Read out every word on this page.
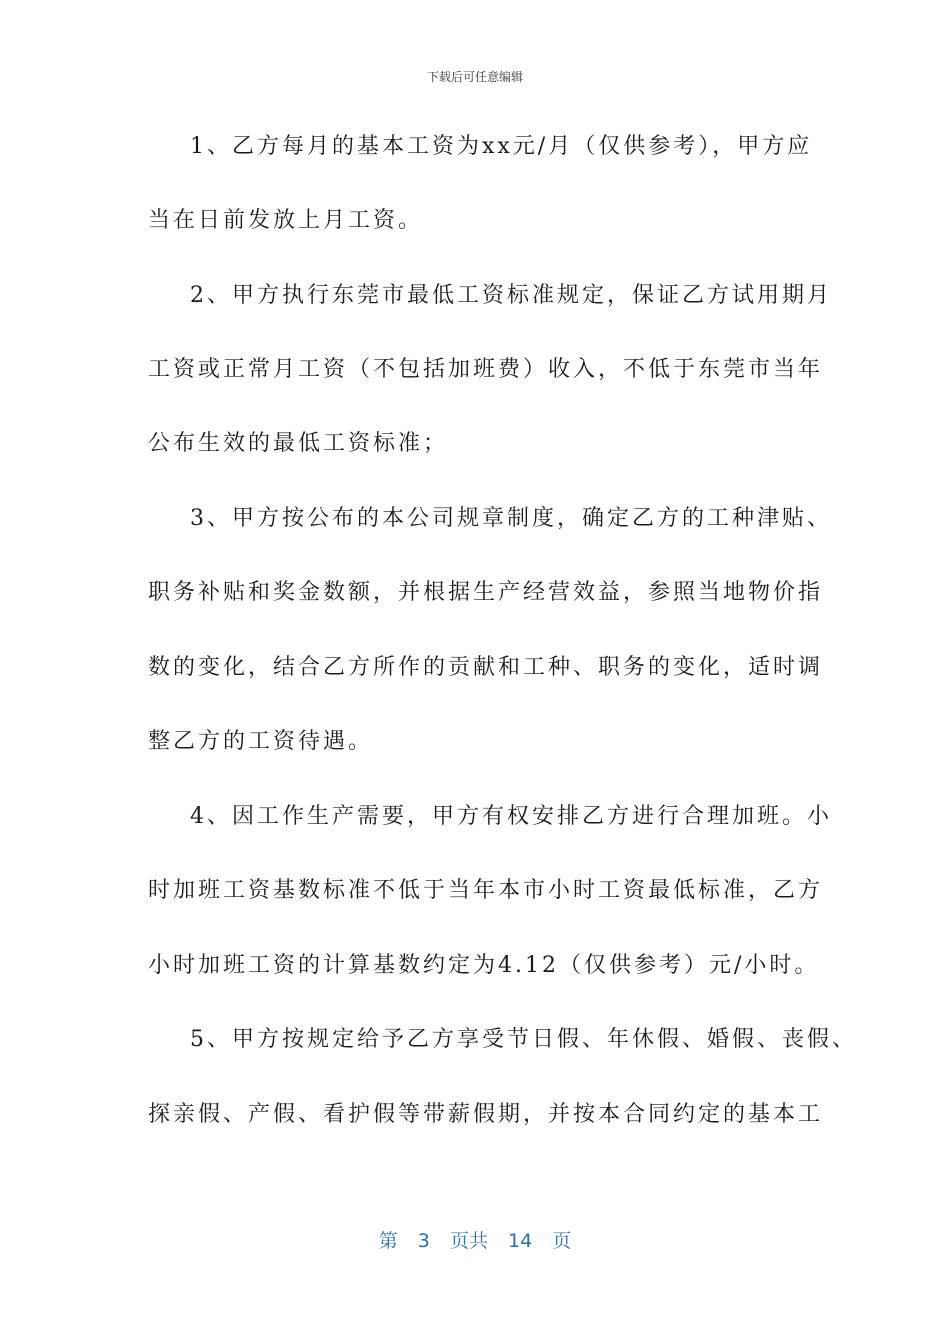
下载后可任意编辑
1、乙方每月的基本工资为xx元/月（仅供参考），甲方应
当在日前发放上月工资。
2、甲方执行东莞市最低工资标准规定，保证乙方试用期月
工资或正常月工资（不包括加班费）收入，不低于东莞市当年
公布生效的最低工资标准；
3、甲方按公布的本公司规章制度，确定乙方的工种津贴、
职务补贴和奖金数额，并根据生产经营效益，参照当地物价指
数的变化，结合乙方所作的贡献和工种、职务的变化，适时调
整乙方的工资待遇。
4、因工作生产需要，甲方有权安排乙方进行合理加班。小
时加班工资基数标准不低于当年本市小时工资最低标准，乙方
小时加班工资的计算基数约定为4.12（仅供参考）元/小时。
5、甲方按规定给予乙方享受节日假、年休假、婚假、丧假、
探亲假、产假、看护假等带薪假期，并按本合同约定的基本工
第 3 页共 14 页
